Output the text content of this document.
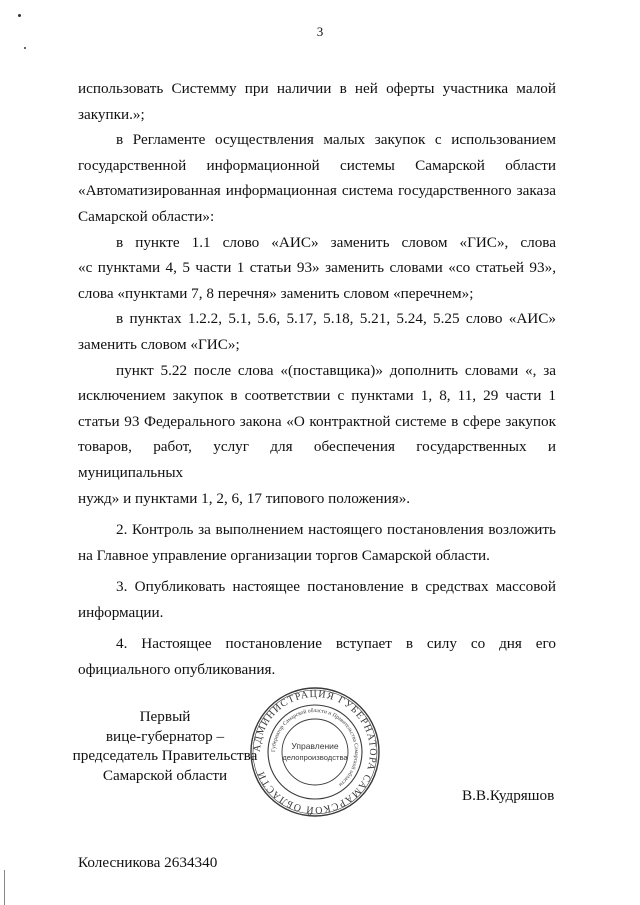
3
использовать Системму при наличии в ней оферты участника малой
закупки.»;
в Регламенте осуществления малых закупок с использованием
государственной информационной системы Самарской области
«Автоматизированная информационная система государственного заказа
Самарской области»:
в пункте 1.1 слово «АИС» заменить словом «ГИС», слова
«с пунктами 4, 5 части 1 статьи 93» заменить словами «со статьей 93»,
слова «пунктами 7, 8 перечня» заменить словом «перечнем»;
в пунктах 1.2.2, 5.1, 5.6, 5.17, 5.18, 5.21, 5.24, 5.25 слово «АИС»
заменить словом «ГИС»;
пункт 5.22 после слова «(поставщика)» дополнить словами «, за
исключением закупок в соответствии с пунктами 1, 8, 11, 29 части 1
статьи 93 Федерального закона «О контрактной системе в сфере закупок
товаров, работ, услуг для обеспечения государственных и муниципальных
нужд» и пунктами 1, 2, 6, 17 типового положения».
2. Контроль за выполнением настоящего постановления возложить
на Главное управление организации торгов Самарской области.
3. Опубликовать настоящее постановление в средствах массовой
информации.
4. Настоящее постановление вступает в силу со дня его
официального опубликования.
Первый
вице-губернатор –
председатель Правительства
Самарской области
АДМИНИСТРАЦИЯ ГУБЕРНАТОРА САМАРСКОЙ ОБЛАСТИ
Губернатор Самарской области и Правительства Самарской области
Управление
делопроизводства
В.В.Кудряшов
Колесникова 2634340
